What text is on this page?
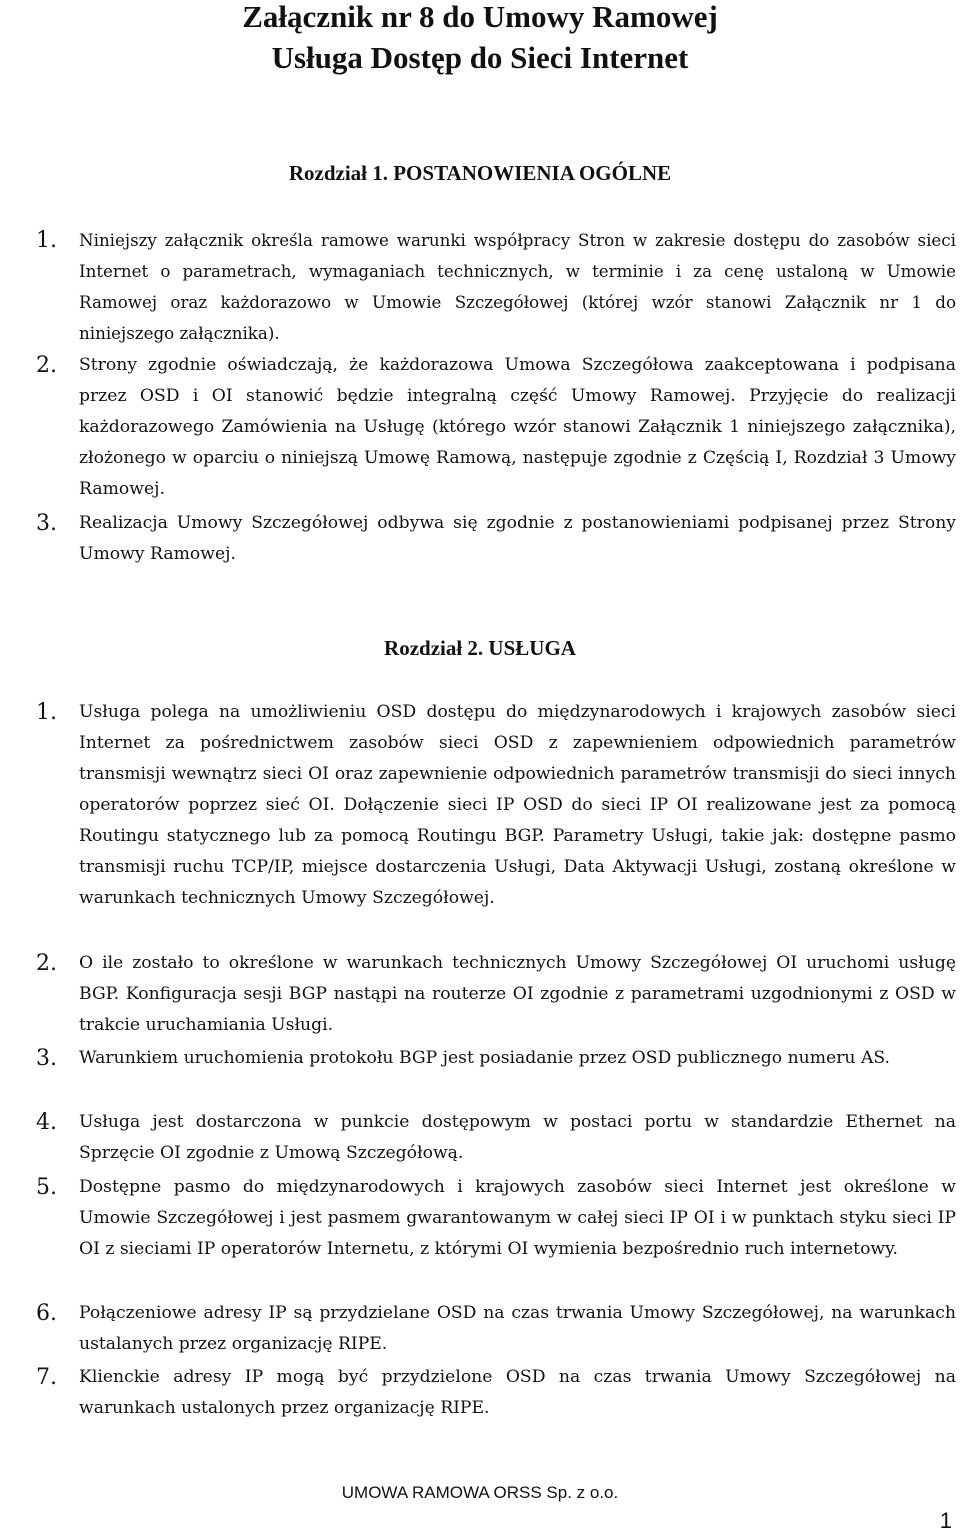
Załącznik nr 8 do Umowy Ramowej
Usługa Dostęp do Sieci Internet
Rozdział 1. POSTANOWIENIA OGÓLNE
1. Niniejszy załącznik określa ramowe warunki współpracy Stron w zakresie dostępu do zasobów sieci Internet o parametrach, wymaganiach technicznych, w terminie i za cenę ustaloną w Umowie Ramowej oraz każdorazowo w Umowie Szczegółowej (której wzór stanowi Załącznik nr 1 do niniejszego załącznika).
2. Strony zgodnie oświadczają, że każdorazowa Umowa Szczegółowa zaakceptowana i podpisana przez OSD i OI stanowić będzie integralną część Umowy Ramowej. Przyjęcie do realizacji każdorazowego Zamówienia na Usługę (którego wzór stanowi Załącznik 1 niniejszego załącznika), złożonego w oparciu o niniejszą Umowę Ramową, następuje zgodnie z Częścią I, Rozdział 3 Umowy Ramowej.
3. Realizacja Umowy Szczegółowej odbywa się zgodnie z postanowieniami podpisanej przez Strony Umowy Ramowej.
Rozdział 2. USŁUGA
1. Usługa polega na umożliwieniu OSD dostępu do międzynarodowych i krajowych zasobów sieci Internet za pośrednictwem zasobów sieci OSD z zapewnieniem odpowiednich parametrów transmisji wewnątrz sieci OI oraz zapewnienie odpowiednich parametrów transmisji do sieci innych operatorów poprzez sieć OI. Dołączenie sieci IP OSD do sieci IP OI realizowane jest za pomocą Routingu statycznego lub za pomocą Routingu BGP. Parametry Usługi, takie jak: dostępne pasmo transmisji ruchu TCP/IP, miejsce dostarczenia Usługi, Data Aktywacji Usługi, zostaną określone w warunkach technicznych Umowy Szczegółowej.
2. O ile zostało to określone w warunkach technicznych Umowy Szczegółowej OI uruchomi usługę BGP. Konfiguracja sesji BGP nastąpi na routerze OI zgodnie z parametrami uzgodnionymi z OSD w trakcie uruchamiania Usługi.
3. Warunkiem uruchomienia protokołu BGP jest posiadanie przez OSD publicznego numeru AS.
4. Usługa jest dostarczona w punkcie dostępowym w postaci portu w standardzie Ethernet na Sprzęcie OI zgodnie z Umową Szczegółową.
5. Dostępne pasmo do międzynarodowych i krajowych zasobów sieci Internet jest określone w Umowie Szczegółowej i jest pasmem gwarantowanym w całej sieci IP OI i w punktach styku sieci IP OI z sieciami IP operatorów Internetu, z którymi OI wymienia bezpośrednio ruch internetowy.
6. Połączeniowe adresy IP są przydzielane OSD na czas trwania Umowy Szczegółowej, na warunkach ustalanych przez organizację RIPE.
7. Klienckie adresy IP mogą być przydzielone OSD na czas trwania Umowy Szczegółowej na warunkach ustalonych przez organizację RIPE.
UMOWA RAMOWA ORSS Sp. z o.o.
1
